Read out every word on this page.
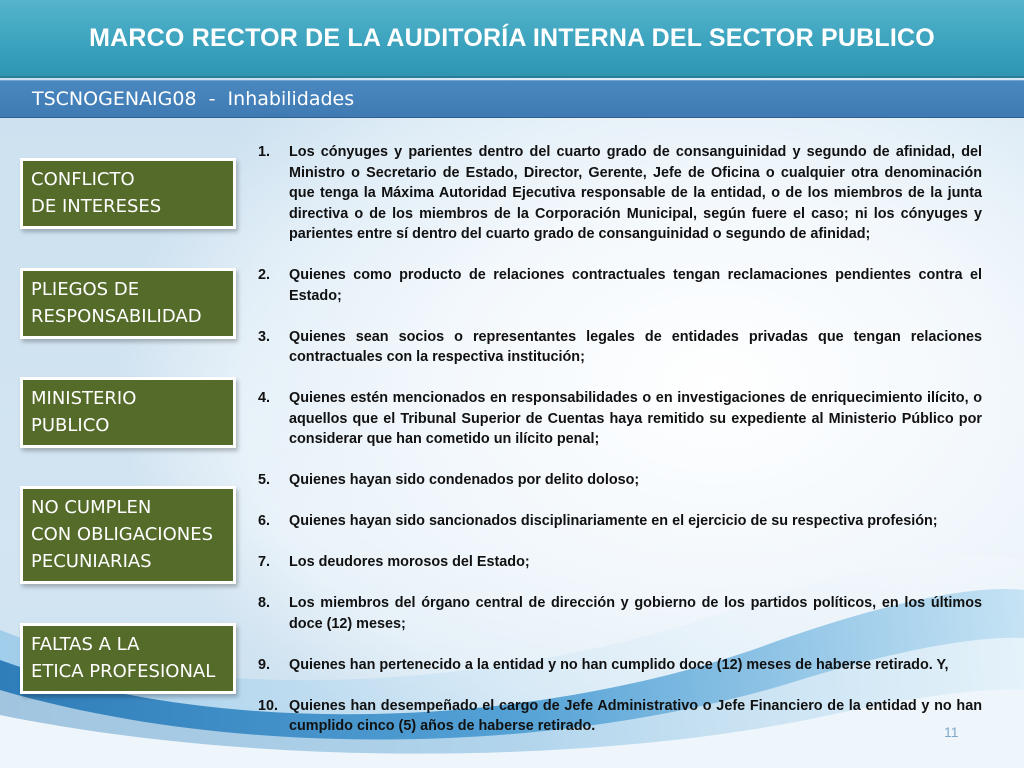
MARCO RECTOR DE LA AUDITORÍA INTERNA DEL SECTOR PUBLICO
TSCNOGENAIG08  -  Inhabilidades
CONFLICTO
DE INTERESES
PLIEGOS DE
RESPONSABILIDAD
MINISTERIO
PUBLICO
NO CUMPLEN
CON OBLIGACIONES
PECUNIARIAS
FALTAS A LA
ETICA PROFESIONAL
1.	Los cónyuges y parientes dentro del cuarto grado de consanguinidad y segundo de afinidad, del Ministro o Secretario de Estado, Director, Gerente, Jefe de Oficina o cualquier otra denominación que tenga la Máxima Autoridad Ejecutiva responsable de la entidad, o de los miembros de la junta directiva o de los miembros de la Corporación Municipal, según fuere el caso; ni los cónyuges y parientes entre sí dentro del cuarto grado de consanguinidad o segundo de afinidad;
2.	Quienes como producto de relaciones contractuales tengan reclamaciones pendientes contra el Estado;
3.	Quienes sean socios o representantes legales de entidades privadas que tengan relaciones contractuales con la respectiva institución;
4.	Quienes estén mencionados en responsabilidades o en investigaciones de enriquecimiento ilícito, o aquellos que el Tribunal Superior de Cuentas haya remitido su expediente al Ministerio Público por considerar que han cometido un ilícito penal;
5.	Quienes hayan sido condenados por delito doloso;
6.	Quienes hayan sido sancionados disciplinariamente en el ejercicio de su respectiva profesión;
7.	Los deudores morosos del Estado;
8.	Los miembros del órgano central de dirección y gobierno de los partidos políticos, en los últimos doce (12) meses;
9.	Quienes han pertenecido a la entidad y no han cumplido doce (12) meses de haberse retirado. Y,
10. Quienes han desempeñado el cargo de Jefe Administrativo o Jefe Financiero de la entidad y no han cumplido cinco (5) años de haberse retirado.	11
